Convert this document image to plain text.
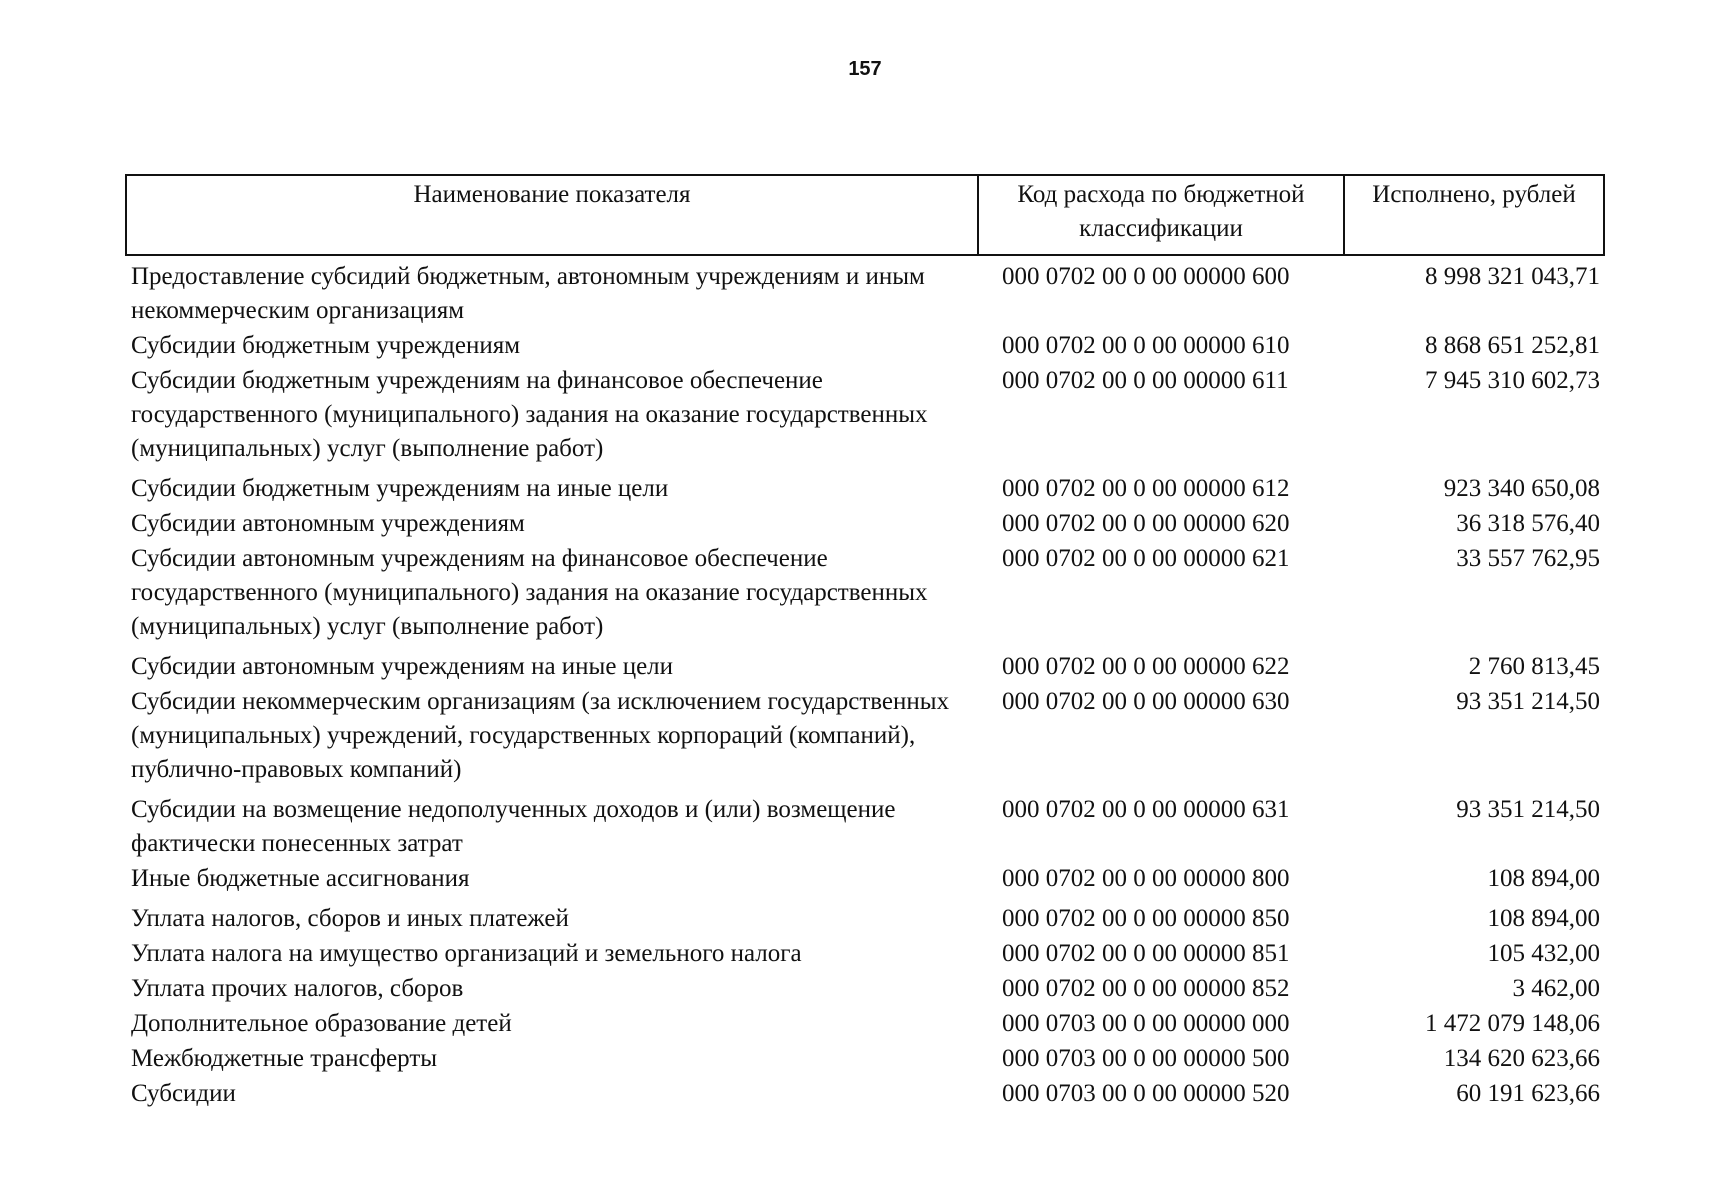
157
Наименование показателя	Код расхода по бюджетной классификации	Исполнено, рублей
Предоставление субсидий бюджетным, автономным учреждениям и иным некоммерческим организациям	000 0702 00 0 00 00000 600	8 998 321 043,71
Субсидии бюджетным учреждениям	000 0702 00 0 00 00000 610	8 868 651 252,81
Субсидии бюджетным учреждениям на финансовое обеспечение государственного (муниципального) задания на оказание государственных (муниципальных) услуг (выполнение работ)	000 0702 00 0 00 00000 611	7 945 310 602,73
Субсидии бюджетным учреждениям на иные цели	000 0702 00 0 00 00000 612	923 340 650,08
Субсидии автономным учреждениям	000 0702 00 0 00 00000 620	36 318 576,40
Субсидии автономным учреждениям на финансовое обеспечение государственного (муниципального) задания на оказание государственных (муниципальных) услуг (выполнение работ)	000 0702 00 0 00 00000 621	33 557 762,95
Субсидии автономным учреждениям на иные цели	000 0702 00 0 00 00000 622	2 760 813,45
Субсидии некоммерческим организациям (за исключением государственных (муниципальных) учреждений, государственных корпораций (компаний), публично-правовых компаний)	000 0702 00 0 00 00000 630	93 351 214,50
Субсидии на возмещение недополученных доходов и (или) возмещение фактически понесенных затрат	000 0702 00 0 00 00000 631	93 351 214,50
Иные бюджетные ассигнования	000 0702 00 0 00 00000 800	108 894,00
Уплата налогов, сборов и иных платежей	000 0702 00 0 00 00000 850	108 894,00
Уплата налога на имущество организаций и земельного налога	000 0702 00 0 00 00000 851	105 432,00
Уплата прочих налогов, сборов	000 0702 00 0 00 00000 852	3 462,00
Дополнительное образование детей	000 0703 00 0 00 00000 000	1 472 079 148,06
Межбюджетные трансферты	000 0703 00 0 00 00000 500	134 620 623,66
Субсидии	000 0703 00 0 00 00000 520	60 191 623,66
